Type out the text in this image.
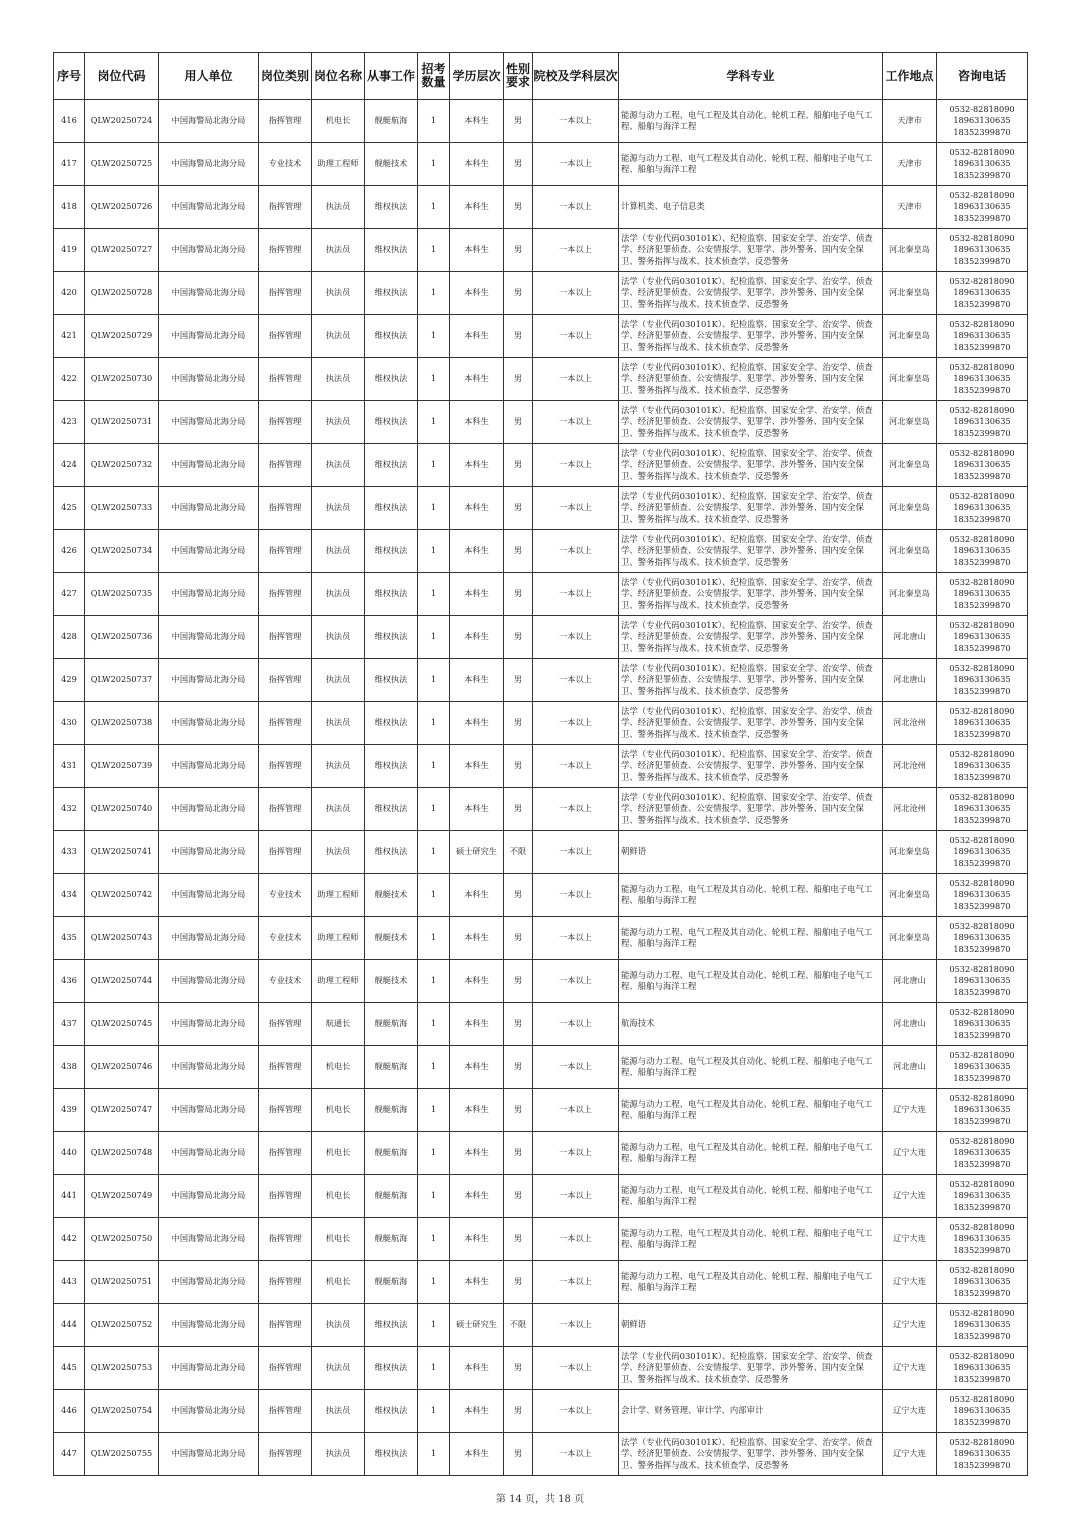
序号	岗位代码	用人单位	岗位类别	岗位名称	从事工作	招考数量	学历层次	性别要求	院校及学科层次	学科专业	工作地点	咨询电话
416	QLW20250724	中国海警局北海分局	指挥管理	机电长	舰艇航海	1	本科生	男	一本以上	能源与动力工程、电气工程及其自动化、轮机工程、船舶电子电气工程、船舶与海洋工程	天津市	0532-82818090
18963130635
18352399870

417	QLW20250725	中国海警局北海分局	专业技术	助理工程师	舰艇技术	1	本科生	男	一本以上	能源与动力工程、电气工程及其自动化、轮机工程、船舶电子电气工程、船舶与海洋工程	天津市	0532-82818090
18963130635
18352399870

418	QLW20250726	中国海警局北海分局	指挥管理	执法员	维权执法	1	本科生	男	一本以上	计算机类、电子信息类	天津市	0532-82818090
18963130635
18352399870

419	QLW20250727	中国海警局北海分局	指挥管理	执法员	维权执法	1	本科生	男	一本以上	法学（专业代码030101K）、纪检监察、国家安全学、治安学、侦查学、经济犯罪侦查、公安情报学、犯罪学、涉外警务、国内安全保卫、警务指挥与战术、技术侦查学、反恐警务	河北秦皇岛	0532-82818090
18963130635
18352399870

420	QLW20250728	中国海警局北海分局	指挥管理	执法员	维权执法	1	本科生	男	一本以上	法学（专业代码030101K）、纪检监察、国家安全学、治安学、侦查学、经济犯罪侦查、公安情报学、犯罪学、涉外警务、国内安全保卫、警务指挥与战术、技术侦查学、反恐警务	河北秦皇岛	0532-82818090
18963130635
18352399870

421	QLW20250729	中国海警局北海分局	指挥管理	执法员	维权执法	1	本科生	男	一本以上	法学（专业代码030101K）、纪检监察、国家安全学、治安学、侦查学、经济犯罪侦查、公安情报学、犯罪学、涉外警务、国内安全保卫、警务指挥与战术、技术侦查学、反恐警务	河北秦皇岛	0532-82818090
18963130635
18352399870

422	QLW20250730	中国海警局北海分局	指挥管理	执法员	维权执法	1	本科生	男	一本以上	法学（专业代码030101K）、纪检监察、国家安全学、治安学、侦查学、经济犯罪侦查、公安情报学、犯罪学、涉外警务、国内安全保卫、警务指挥与战术、技术侦查学、反恐警务	河北秦皇岛	0532-82818090
18963130635
18352399870

423	QLW20250731	中国海警局北海分局	指挥管理	执法员	维权执法	1	本科生	男	一本以上	法学（专业代码030101K）、纪检监察、国家安全学、治安学、侦查学、经济犯罪侦查、公安情报学、犯罪学、涉外警务、国内安全保卫、警务指挥与战术、技术侦查学、反恐警务	河北秦皇岛	0532-82818090
18963130635
18352399870

424	QLW20250732	中国海警局北海分局	指挥管理	执法员	维权执法	1	本科生	男	一本以上	法学（专业代码030101K）、纪检监察、国家安全学、治安学、侦查学、经济犯罪侦查、公安情报学、犯罪学、涉外警务、国内安全保卫、警务指挥与战术、技术侦查学、反恐警务	河北秦皇岛	0532-82818090
18963130635
18352399870

425	QLW20250733	中国海警局北海分局	指挥管理	执法员	维权执法	1	本科生	男	一本以上	法学（专业代码030101K）、纪检监察、国家安全学、治安学、侦查学、经济犯罪侦查、公安情报学、犯罪学、涉外警务、国内安全保卫、警务指挥与战术、技术侦查学、反恐警务	河北秦皇岛	0532-82818090
18963130635
18352399870

426	QLW20250734	中国海警局北海分局	指挥管理	执法员	维权执法	1	本科生	男	一本以上	法学（专业代码030101K）、纪检监察、国家安全学、治安学、侦查学、经济犯罪侦查、公安情报学、犯罪学、涉外警务、国内安全保卫、警务指挥与战术、技术侦查学、反恐警务	河北秦皇岛	0532-82818090
18963130635
18352399870

427	QLW20250735	中国海警局北海分局	指挥管理	执法员	维权执法	1	本科生	男	一本以上	法学（专业代码030101K）、纪检监察、国家安全学、治安学、侦查学、经济犯罪侦查、公安情报学、犯罪学、涉外警务、国内安全保卫、警务指挥与战术、技术侦查学、反恐警务	河北秦皇岛	0532-82818090
18963130635
18352399870

428	QLW20250736	中国海警局北海分局	指挥管理	执法员	维权执法	1	本科生	男	一本以上	法学（专业代码030101K）、纪检监察、国家安全学、治安学、侦查学、经济犯罪侦查、公安情报学、犯罪学、涉外警务、国内安全保卫、警务指挥与战术、技术侦查学、反恐警务	河北唐山	0532-82818090
18963130635
18352399870

429	QLW20250737	中国海警局北海分局	指挥管理	执法员	维权执法	1	本科生	男	一本以上	法学（专业代码030101K）、纪检监察、国家安全学、治安学、侦查学、经济犯罪侦查、公安情报学、犯罪学、涉外警务、国内安全保卫、警务指挥与战术、技术侦查学、反恐警务	河北唐山	0532-82818090
18963130635
18352399870

430	QLW20250738	中国海警局北海分局	指挥管理	执法员	维权执法	1	本科生	男	一本以上	法学（专业代码030101K）、纪检监察、国家安全学、治安学、侦查学、经济犯罪侦查、公安情报学、犯罪学、涉外警务、国内安全保卫、警务指挥与战术、技术侦查学、反恐警务	河北沧州	0532-82818090
18963130635
18352399870

431	QLW20250739	中国海警局北海分局	指挥管理	执法员	维权执法	1	本科生	男	一本以上	法学（专业代码030101K）、纪检监察、国家安全学、治安学、侦查学、经济犯罪侦查、公安情报学、犯罪学、涉外警务、国内安全保卫、警务指挥与战术、技术侦查学、反恐警务	河北沧州	0532-82818090
18963130635
18352399870

432	QLW20250740	中国海警局北海分局	指挥管理	执法员	维权执法	1	本科生	男	一本以上	法学（专业代码030101K）、纪检监察、国家安全学、治安学、侦查学、经济犯罪侦查、公安情报学、犯罪学、涉外警务、国内安全保卫、警务指挥与战术、技术侦查学、反恐警务	河北沧州	0532-82818090
18963130635
18352399870

433	QLW20250741	中国海警局北海分局	指挥管理	执法员	维权执法	1	硕士研究生	不限	一本以上	朝鲜语	河北秦皇岛	0532-82818090
18963130635
18352399870

434	QLW20250742	中国海警局北海分局	专业技术	助理工程师	舰艇技术	1	本科生	男	一本以上	能源与动力工程、电气工程及其自动化、轮机工程、船舶电子电气工程、船舶与海洋工程	河北秦皇岛	0532-82818090
18963130635
18352399870

435	QLW20250743	中国海警局北海分局	专业技术	助理工程师	舰艇技术	1	本科生	男	一本以上	能源与动力工程、电气工程及其自动化、轮机工程、船舶电子电气工程、船舶与海洋工程	河北秦皇岛	0532-82818090
18963130635
18352399870

436	QLW20250744	中国海警局北海分局	专业技术	助理工程师	舰艇技术	1	本科生	男	一本以上	能源与动力工程、电气工程及其自动化、轮机工程、船舶电子电气工程、船舶与海洋工程	河北唐山	0532-82818090
18963130635
18352399870

437	QLW20250745	中国海警局北海分局	指挥管理	航通长	舰艇航海	1	本科生	男	一本以上	航海技术	河北唐山	0532-82818090
18963130635
18352399870

438	QLW20250746	中国海警局北海分局	指挥管理	机电长	舰艇航海	1	本科生	男	一本以上	能源与动力工程、电气工程及其自动化、轮机工程、船舶电子电气工程、船舶与海洋工程	河北唐山	0532-82818090
18963130635
18352399870

439	QLW20250747	中国海警局北海分局	指挥管理	机电长	舰艇航海	1	本科生	男	一本以上	能源与动力工程、电气工程及其自动化、轮机工程、船舶电子电气工程、船舶与海洋工程	辽宁大连	0532-82818090
18963130635
18352399870

440	QLW20250748	中国海警局北海分局	指挥管理	机电长	舰艇航海	1	本科生	男	一本以上	能源与动力工程、电气工程及其自动化、轮机工程、船舶电子电气工程、船舶与海洋工程	辽宁大连	0532-82818090
18963130635
18352399870

441	QLW20250749	中国海警局北海分局	指挥管理	机电长	舰艇航海	1	本科生	男	一本以上	能源与动力工程、电气工程及其自动化、轮机工程、船舶电子电气工程、船舶与海洋工程	辽宁大连	0532-82818090
18963130635
18352399870

442	QLW20250750	中国海警局北海分局	指挥管理	机电长	舰艇航海	1	本科生	男	一本以上	能源与动力工程、电气工程及其自动化、轮机工程、船舶电子电气工程、船舶与海洋工程	辽宁大连	0532-82818090
18963130635
18352399870

443	QLW20250751	中国海警局北海分局	指挥管理	机电长	舰艇航海	1	本科生	男	一本以上	能源与动力工程、电气工程及其自动化、轮机工程、船舶电子电气工程、船舶与海洋工程	辽宁大连	0532-82818090
18963130635
18352399870

444	QLW20250752	中国海警局北海分局	指挥管理	执法员	维权执法	1	硕士研究生	不限	一本以上	朝鲜语	辽宁大连	0532-82818090
18963130635
18352399870

445	QLW20250753	中国海警局北海分局	指挥管理	执法员	维权执法	1	本科生	男	一本以上	法学（专业代码030101K）、纪检监察、国家安全学、治安学、侦查学、经济犯罪侦查、公安情报学、犯罪学、涉外警务、国内安全保卫、警务指挥与战术、技术侦查学、反恐警务	辽宁大连	0532-82818090
18963130635
18352399870

446	QLW20250754	中国海警局北海分局	指挥管理	执法员	维权执法	1	本科生	男	一本以上	会计学、财务管理、审计学、内部审计	辽宁大连	0532-82818090
18963130635
18352399870

447	QLW20250755	中国海警局北海分局	指挥管理	执法员	维权执法	1	本科生	男	一本以上	法学（专业代码030101K）、纪检监察、国家安全学、治安学、侦查学、经济犯罪侦查、公安情报学、犯罪学、涉外警务、国内安全保卫、警务指挥与战术、技术侦查学、反恐警务	辽宁大连	0532-82818090
18963130635
18352399870
第 14 页，共 18 页
